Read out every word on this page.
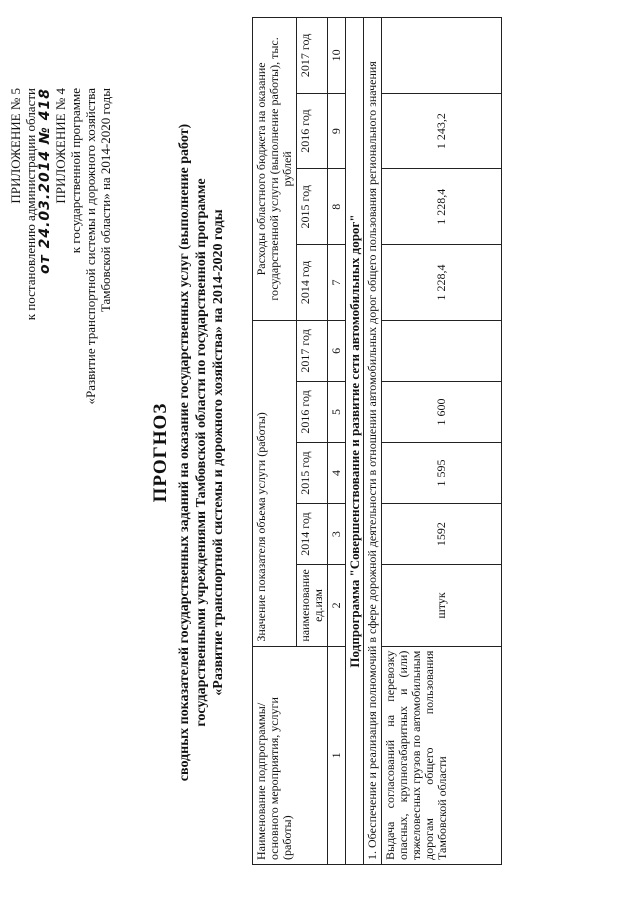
ПРИЛОЖЕНИЕ № 5 к постановлению администрации области от 24.03.2014 № 418 ПРИЛОЖЕНИЕ № 4 к государственной программе «Развитие транспортной системы и дорожного хозяйства Тамбовской области» на 2014-2020 годы
ПРОГНОЗ сводных показателей государственных заданий на оказание государственных услуг (выполнение работ) государственными учреждениями Тамбовской области по государственной программе «Развитие транспортной системы и дорожного хозяйства» на 2014-2020 годы
Наименование подпрограммы/ основного мероприятия, услуги (работы)	Значение показателя объема услуги (работы)					Расходы областного бюджета на оказание государственной услуги (выполнение работы), тыс. рублей			
	наименование ед.изм	2014 год	2015 год	2016 год	2017 год	2014 год	2015 год	2016 год	2017 год
1	2	3	4	5	6	7	8	9	10
Подпрограмма "Совершенствование и развитие сети автомобильных дорог"									
1. Обеспечение и реализация полномочий в сфере дорожной деятельности в отношении автомобильных дорог общего пользования регионального значения									
Выдача согласований на перевозку опасных, крупногабаритных и (или) тяжеловесных грузов по автомобильным дорогам общего пользования Тамбовской области	штук	1592	1 595	1 600		1 228,4	1 228,4	1 243,2	
